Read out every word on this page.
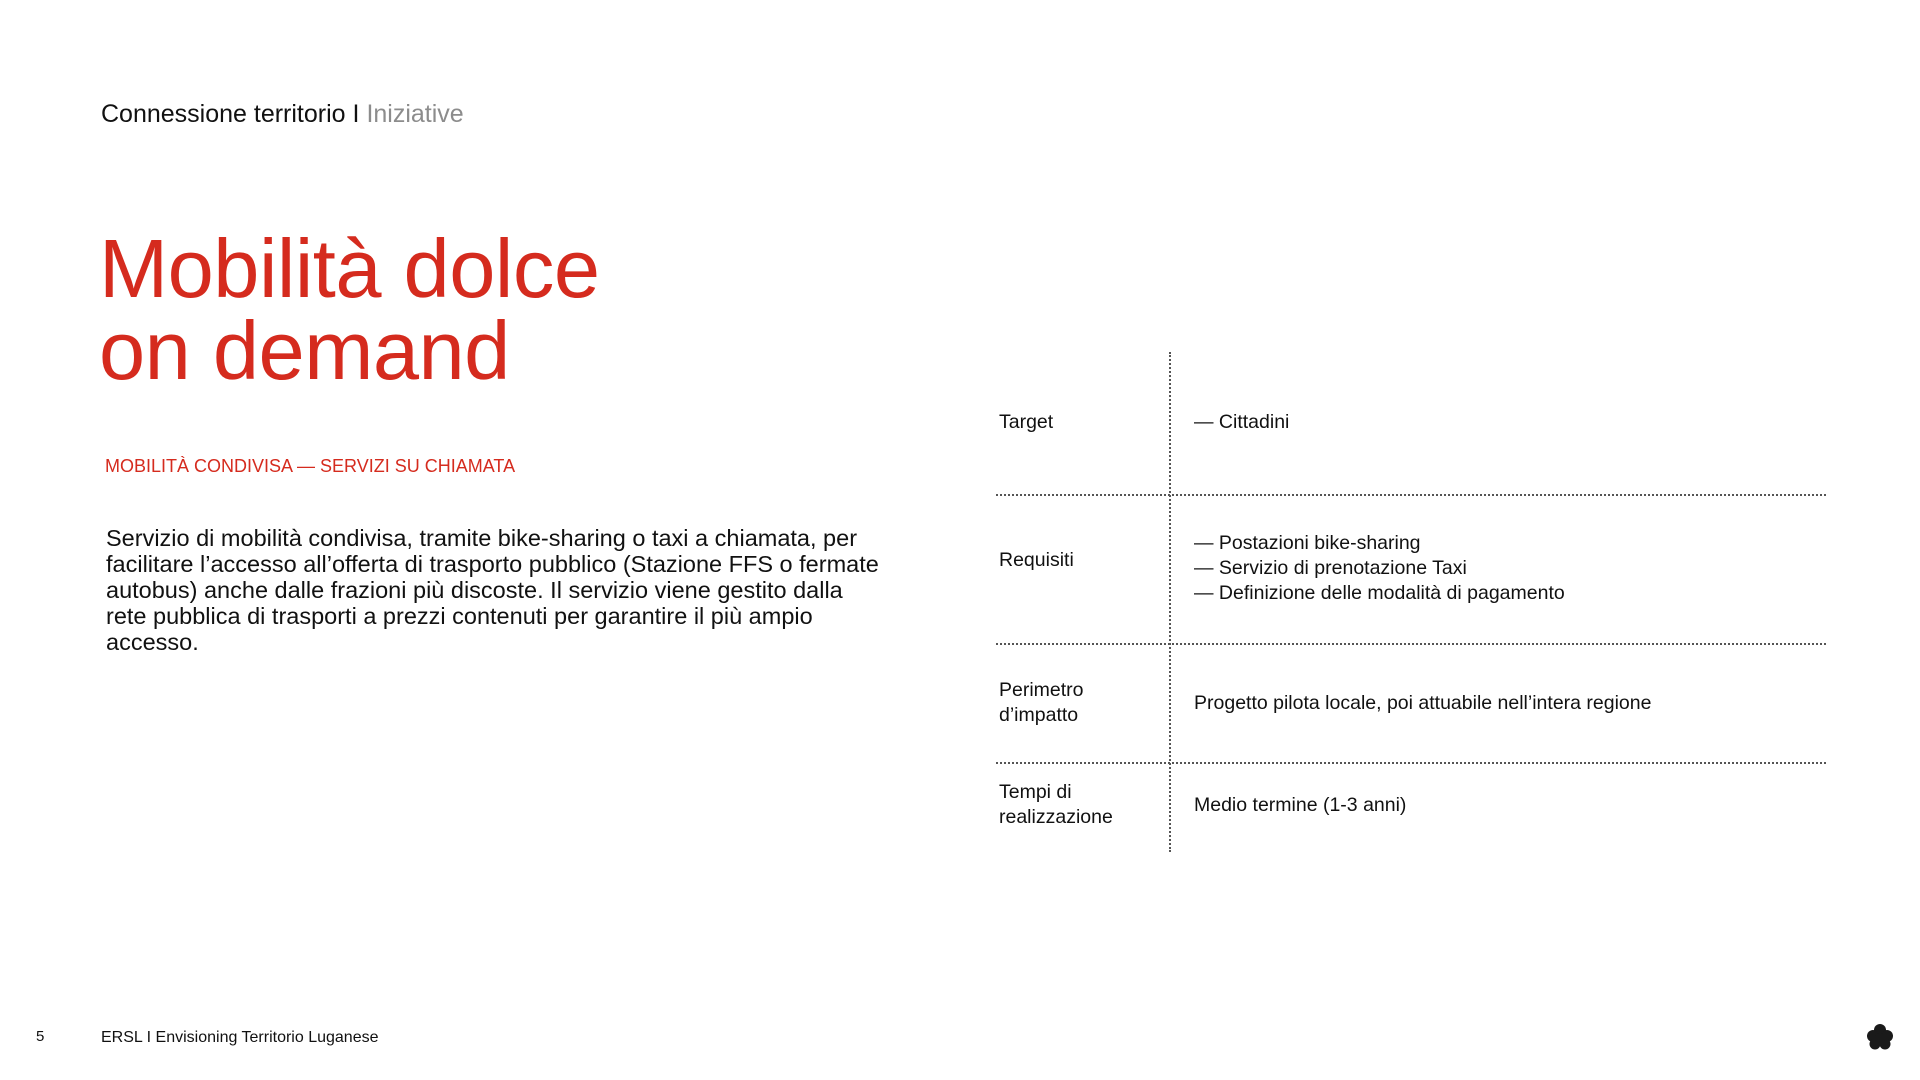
Connessione territorio I Iniziative
Mobilità dolce
on demand
MOBILITÀ CONDIVISA — SERVIZI SU CHIAMATA
Servizio di mobilità condivisa, tramite bike-sharing o taxi a chiamata, per facilitare l’accesso all’offerta di trasporto pubblico (Stazione FFS o fermate autobus) anche dalle frazioni più discoste. Il servizio viene gestito dalla rete pubblica di trasporti a prezzi contenuti per garantire il più ampio accesso.
Target	— Cittadini
Requisiti
— Postazioni bike-sharing
— Servizio di prenotazione Taxi
— Definizione delle modalità di pagamento
Perimetro
d’impatto
Progetto pilota locale, poi attuabile nell’intera regione
Tempi di
realizzazione
Medio termine (1-3 anni)
5	ERSL I Envisioning Territorio Luganese
